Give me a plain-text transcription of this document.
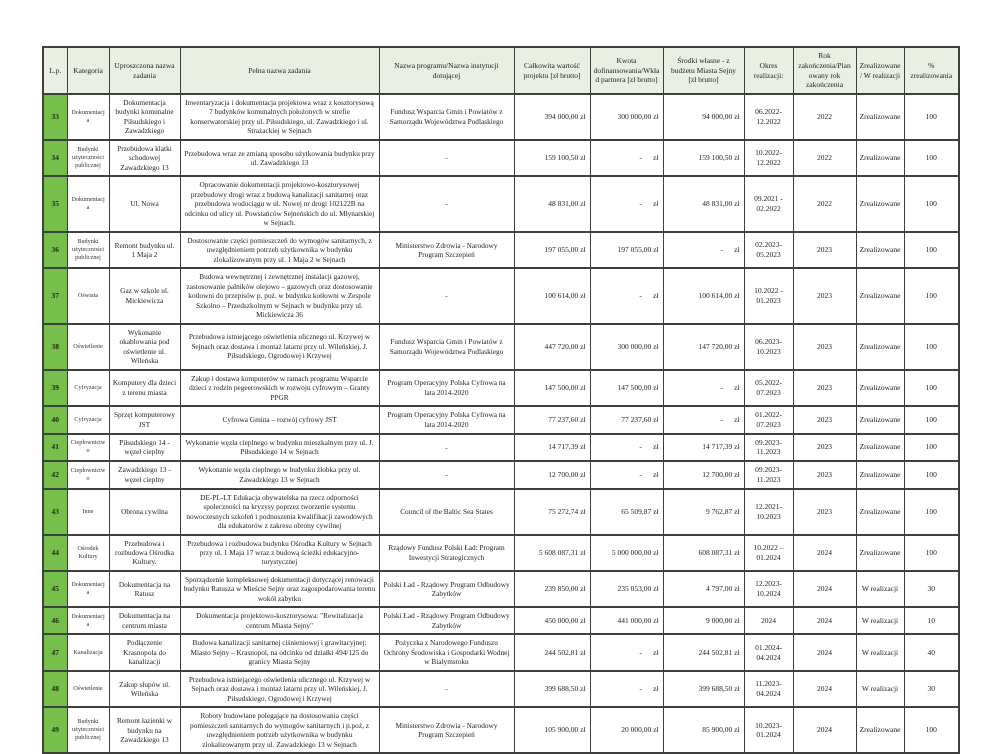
L.p.	Kategoria	Uproszczona nazwa zadania	Pełna nazwa zadania	Nazwa programu/Nazwa instytucji dotującej	Całkowita wartość projektu [zł brutto]	Kwota dofinansowania/Wkład partnera [zł brutto]	Środki własne - z budżetu Miasta Sejny [zł brutto]	Okres realizacji:	Rok zakończenia/Planowany rok zakończenia	Zrealizowane/ W realizacji	% zrealizowania
33	Dokumentacja	Dokumentacja budynki komunalne Piłsudskiego i Zawadzkiego	Inwentaryzacja i dokumentacja projektowa wraz z kosztorysową 7 budynków komunalnych położonych w strefie konserwatorskiej przy ul. Piłsudskiego, ul. Zawadzkiego i ul. Strażackiej w Sejnach	Fundusz Wsparcia Gmin i Powiatów z Samorządu Województwa Podlaskiego	394 000,00 zł	300 000,00 zł	94 000,00 zł	06.2022-12.2022	2022	Zrealizowane	100
34	Budynki użyteczności publicznej	Przebudowa klatki schodowej Zawadzkiego 13	Przebudowa wraz ze zmianą sposobu użytkowania budynku przy ul. Zawadzkiego 13	-	159 100,50 zł	-      zł	159 100,50 zł	10.2022-12.2022	2022	Zrealizowane	100
35	Dokumentacja	Ul. Nowa	Opracowanie dokumentacji projektowo-kosztorysowej przebudowy drogi wraz z budową kanalizacji sanitarnej oraz przebudowa wodociągu w ul. Nowej nr drogi 102122B na odcinku od ulicy ul. Powstańców Sejneńskich do ul. Młynarskiej w Sejnach.	-	48 831,00 zł	-      zł	48 831,00 zł	09.2021 - 02.2022	2022	Zrealizowane	100
36	Budynki użyteczności publicznej	Remont budynku ul. 1 Maja 2	Dostosowanie części pomieszczeń do wymogów sanitarnych, z uwzględnieniem potrzeb użytkownika w budynku zlokalizowanym przy ul. 1 Maja 2 w Sejnach	Ministerstwo Zdrowia - Narodowy Program Szczepień	197 055,00 zł	197 055,00 zł	-      zł	02.2023-05.2023	2023	Zrealizowane	100
37	Oświata	Gaz w szkole ul. Mickiewicza	Budowa wewnętrznej i zewnętrznej instalacji gazowej, zastosowanie palników olejowo – gazowych oraz dostosowanie kotłowni do przepisów p. poż. w budynku kotłowni w Zespole Szkolno – Przedszkolnym w Sejnach w budynku przy ul. Mickiewicza 36	-	100 614,00 zł	-      zł	100 614,00 zł	10.2022 - 01.2023	2023	Zrealizowane	100
38	Oświetlenie	Wykonanie okablowania pod oświetlenie ul. Wileńska	Przebudowa istniejącego oświetlenia ulicznego ul. Krzywej w Sejnach oraz dostawa i montaż latarni przy ul. Wileńskiej, J. Piłsudskiego, Ogrodowej i Krzywej	Fundusz Wsparcia Gmin i Powiatów z Samorządu Województwa Podlaskiego	447 720,00 zł	300 000,00 zł	147 720,00 zł	06.2023-10.2023	2023	Zrealizowane	100
39	Cyfryzacja	Komputery dla dzieci z terenu miasta	Zakup i dostawa komputerów w ramach programu Wsparcie dzieci z rodzin pegeerowskich w rozwoju cyfrowym – Granty PPGR	Program Operacyjny Polska Cyfrowa na lata 2014-2020	147 500,00 zł	147 500,00 zł	-      zł	05.2022-07.2023	2023	Zrealizowane	100
40	Cyfryzacja	Sprzęt komputerowy JST	Cyfrowa Gmina – rozwój cyfrowy JST	Program Operacyjny Polska Cyfrowa na lata 2014-2020	77 237,60 zł	77 237,60 zł	-      zł	01.2022-07.2023	2023	Zrealizowane	100
41	Ciepłownictwo	Piłsudskiego 14 - węzeł cieplny	Wykonanie węzła cieplnego w budynku mieszkalnym przy ul. J. Piłsudskiego 14 w Sejnach	-	14 717,39 zł	-      zł	14 717,39 zł	09.2023-11.2023	2023	Zrealizowane	100
42	Ciepłownictwo	Zawadzkiego 13 - węzeł cieplny	Wykonanie węzła cieplnego w budynku żłobka przy ul. Zawadzkiego 13 w Sejnach	-	12 700,00 zł	-      zł	12 700,00 zł	09.2023-11.2023	2023	Zrealizowane	100
43	Inne	Obrona cywilna	DE-PL-LT Edukacja obywatelska na rzecz odporności społeczności na kryzysy poprzez tworzenie systemu nowoczesnych szkoleń i podnoszenia kwalifikacji zawodowych dla edukatorów z zakresu obrony cywilnej	Council of the Baltic Sea States	75 272,74 zł	65 509,87 zł	9 762,87 zł	12.2021-10.2023	2023	Zrealizowane	100
44	Ośrodek Kultury	Przebudowa i rozbudowa Ośrodka Kultury.	Przebudowa i rozbudowa budynku Ośrodka Kultury w Sejnach przy ul. 1 Maja 17 wraz z budową ścieżki edukacyjno-turystycznej	Rządowy Fundusz Polski Ład: Program Inwestycji Strategicznych	5 608 087,31 zł	5 000 000,00 zł	608 087,31 zł	10.2022 – 01.2024	2024	Zrealizowane	100
45	Dokumentacja	Dokumentacja na Ratusz	Sporządzenie kompleksowej dokumentacji dotyczącej renowacji budynku Ratusza w Mieście Sejny oraz zagospodarowania terenu wokół zabytku	Polski Ład - Rządowy Program Odbudowy Zabytków	239 850,00 zł	235 053,00 zł	4 797,00 zł	12.2023-10.2024	2024	W realizacji	30
46	Dokumentacja	Dokumentacja na centrum miasta	Dokumentacja projektowo-kosztorysowa: "Rewitalizacja centrum Miasta Sejny"	Polski Ład - Rządowy Program Odbudowy Zabytków	450 000,00 zł	441 000,00 zł	9 000,00 zł	2024	2024	W realizacji	10
47	Kanalizacja	Podłączenie Krasnopola do kanalizacji	Budowa kanalizacji sanitarnej ciśnieniowej i grawitacyjnej: Miasto Sejny – Krasnopol, na odcinku od działki 494/125 do granicy Miasta Sejny	Pożyczka z Narodowego Funduszu Ochrony Środowiska i Gospodarki Wodnej w Białymstoku	244 502,81 zł	-      zł	244 502,81 zł	01.2024-04.2024	2024	W realizacji	40
48	Oświetlenie	Zakup słupów ul. Wileńska	Przebudowa istniejącego oświetlenia ulicznego ul. Krzywej w Sejnach oraz dostawa i montaż latarni przy ul. Wileńskiej, J. Piłsudskiego, Ogrodowej i Krzywej	-	399 688,50 zł	-      zł	399 688,50 zł	11.2023-04.2024	2024	W realizacji	30
49	Budynki użyteczności publicznej	Remont łazienki w budynku na Zawadzkiego 13	Roboty budowlane polegające na dostosowania części pomieszczeń sanitarnych do wymogów sanitarnych i p.poż, z uwzględnieniem potrzeb użytkownika w budynku zlokalizowanym przy ul. Zawadzkiego 13 w Sejnach	Ministerstwo Zdrowia - Narodowy Program Szczepień	105 900,00 zł	20 000,00 zł	85 900,00 zł	10.2023-01.2024	2024	Zrealizowane	100
